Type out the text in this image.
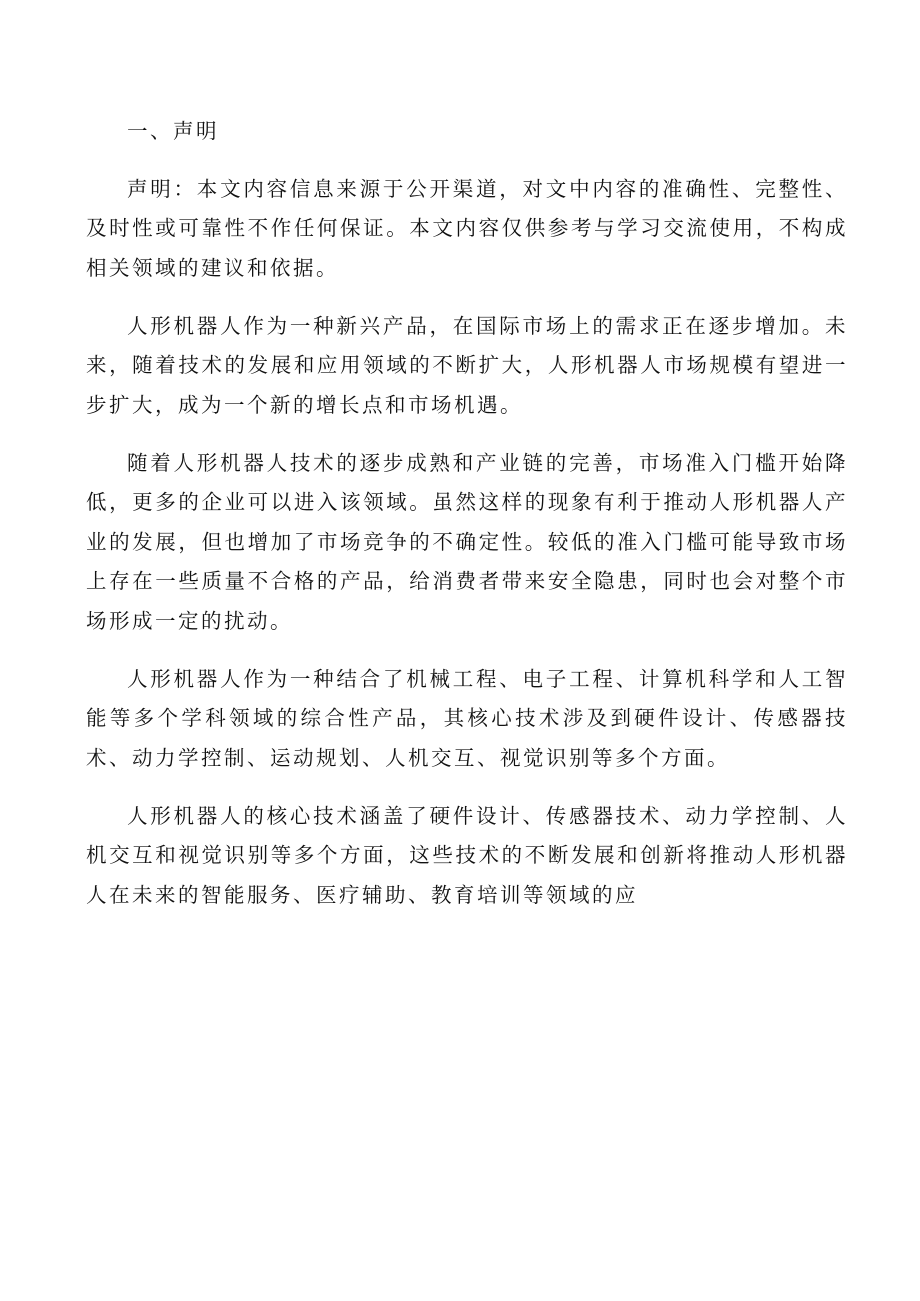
一、声明

声明：本文内容信息来源于公开渠道，对文中内容的准确性、完整性、及时性或可靠性不作任何保证。本文内容仅供参考与学习交流使用，不构成相关领域的建议和依据。

人形机器人作为一种新兴产品，在国际市场上的需求正在逐步增加。未来，随着技术的发展和应用领域的不断扩大，人形机器人市场规模有望进一步扩大，成为一个新的增长点和市场机遇。

随着人形机器人技术的逐步成熟和产业链的完善，市场准入门槛开始降低，更多的企业可以进入该领域。虽然这样的现象有利于推动人形机器人产业的发展，但也增加了市场竞争的不确定性。较低的准入门槛可能导致市场上存在一些质量不合格的产品，给消费者带来安全隐患，同时也会对整个市场形成一定的扰动。

人形机器人作为一种结合了机械工程、电子工程、计算机科学和人工智能等多个学科领域的综合性产品，其核心技术涉及到硬件设计、传感器技术、动力学控制、运动规划、人机交互、视觉识别等多个方面。

人形机器人的核心技术涵盖了硬件设计、传感器技术、动力学控制、人机交互和视觉识别等多个方面，这些技术的不断发展和创新将推动人形机器人在未来的智能服务、医疗辅助、教育培训等领域的应
